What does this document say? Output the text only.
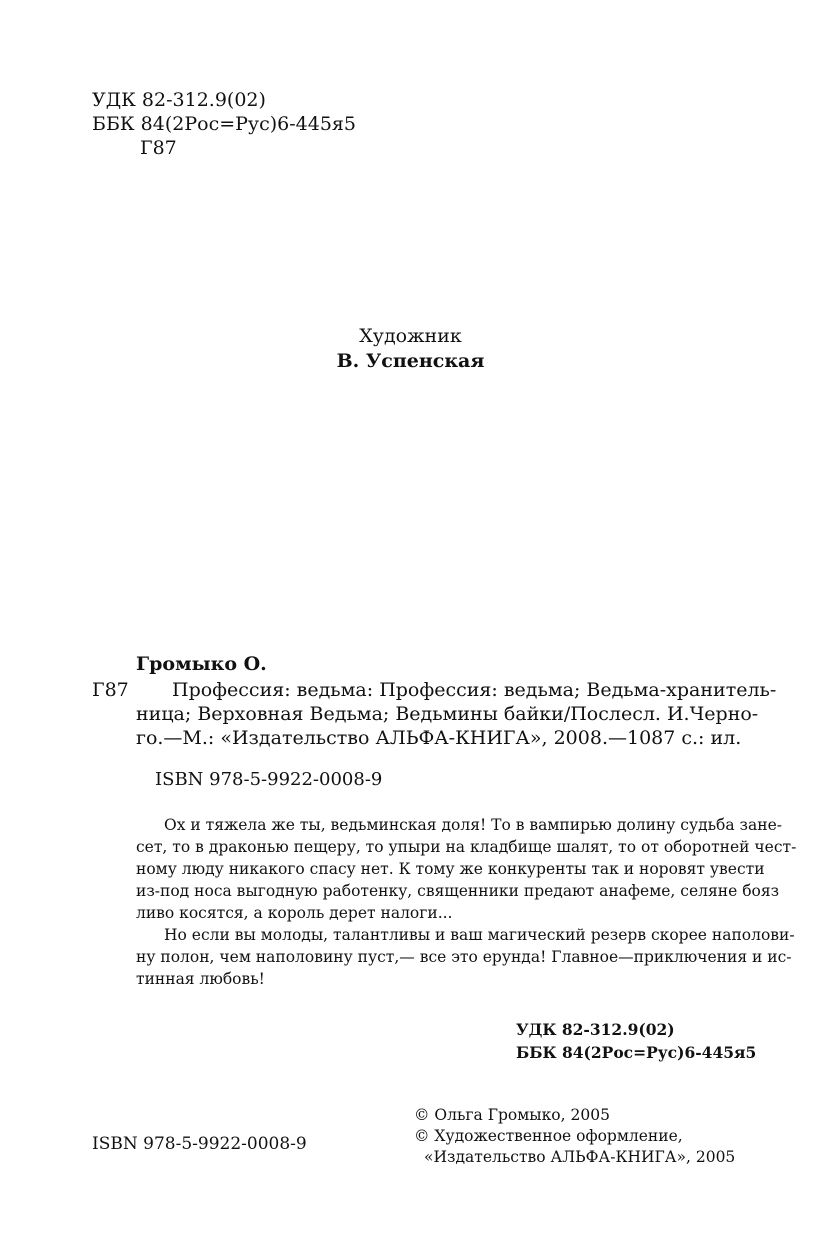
УДК 82-312.9(02)
ББК 84(2Рос=Рус)6-445я5
Г87
Художник
В. Успенская
Громыко О.
Г87	Профессия: ведьма: Профессия: ведьма; Ведьма-хранитель-
ница; Верховная Ведьма; Ведьмины байки/Послесл. И.Черно-
го.—М.: «Издательство АЛЬФА-КНИГА», 2008.—1087 с.: ил.
ISBN 978-5-9922-0008-9
Ох и тяжела же ты, ведьминская доля! То в вампирью долину судьба зане-
сет, то в драконью пещеру, то упыри на кладбище шалят, то от оборотней чест-
ному люду никакого спасу нет. К тому же конкуренты так и норовят увести
из-под носа выгодную работенку, священники предают анафеме, селяне бояз
ливо косятся, а король дерет налоги...
Но если вы молоды, талантливы и ваш магический резерв скорее наполови-
ну полон, чем наполовину пуст,— все это ерунда! Главное—приключения и ис-
тинная любовь!
УДК 82-312.9(02)
ББК 84(2Рос=Рус)6-445я5
ISBN 978-5-9922-0008-9
© Ольга Громыко, 2005
© Художественное оформление,
«Издательство АЛЬФА-КНИГА», 2005
